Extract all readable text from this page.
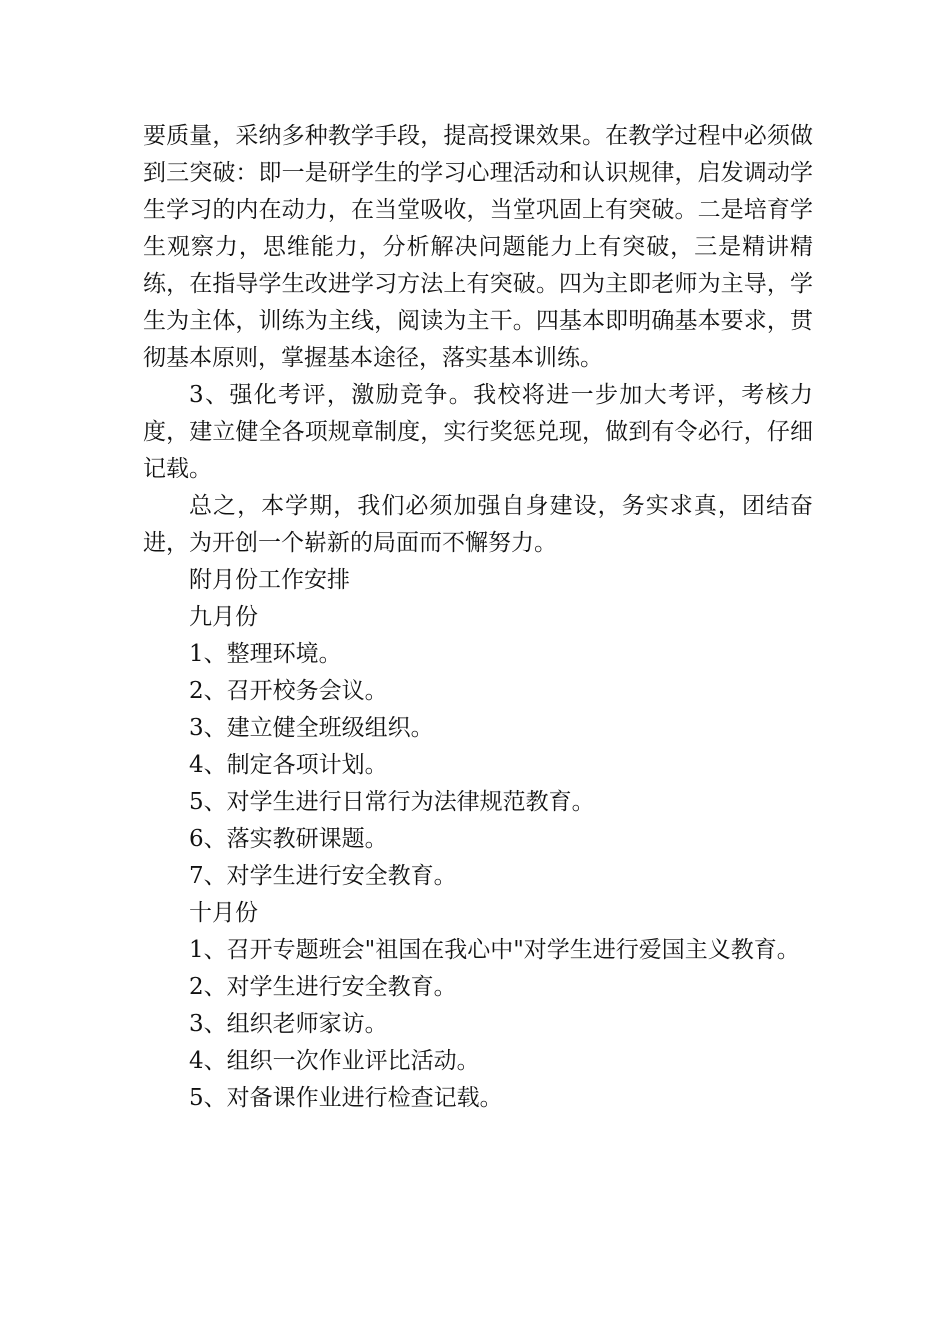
要质量，采纳多种教学手段，提高授课效果。在教学过程中必须做到三突破：即一是研学生的学习心理活动和认识规律，启发调动学生学习的内在动力，在当堂吸收，当堂巩固上有突破。二是培育学生观察力，思维能力，分析解决问题能力上有突破，三是精讲精练，在指导学生改进学习方法上有突破。四为主即老师为主导，学生为主体，训练为主线，阅读为主干。四基本即明确基本要求，贯彻基本原则，掌握基本途径，落实基本训练。

3、强化考评，激励竞争。我校将进一步加大考评，考核力度，建立健全各项规章制度，实行奖惩兑现，做到有令必行，仔细记载。

总之，本学期，我们必须加强自身建设，务实求真，团结奋进，为开创一个崭新的局面而不懈努力。

附月份工作安排

九月份

1、整理环境。

2、召开校务会议。

3、建立健全班级组织。

4、制定各项计划。

5、对学生进行日常行为法律规范教育。

6、落实教研课题。

7、对学生进行安全教育。

十月份

1、召开专题班会"祖国在我心中"对学生进行爱国主义教育。

2、对学生进行安全教育。

3、组织老师家访。

4、组织一次作业评比活动。

5、对备课作业进行检查记载。
